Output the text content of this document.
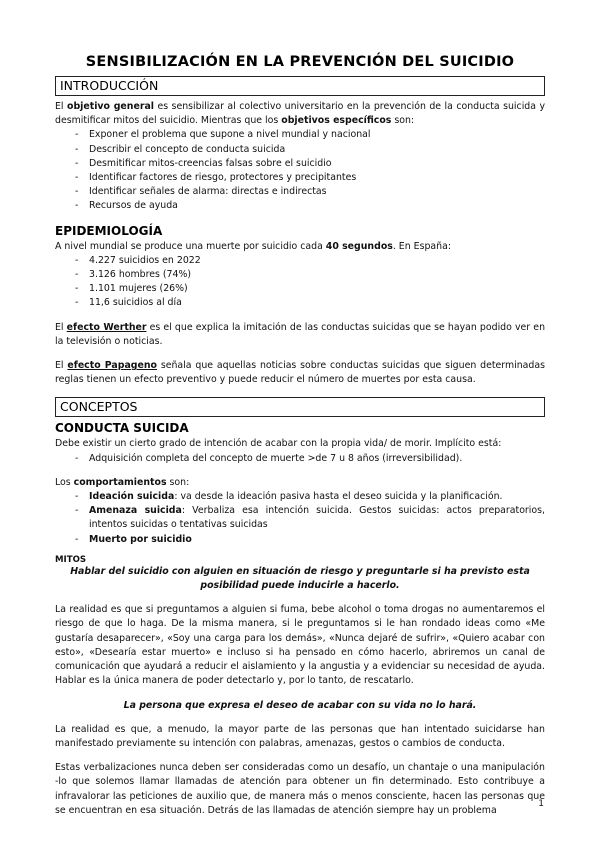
SENSIBILIZACIÓN EN LA PREVENCIÓN DEL SUICIDIO
INTRODUCCIÓN

El objetivo general es sensibilizar al colectivo universitario en la prevención de la conducta suicida y desmitificar mitos del suicidio. Mientras que los objetivos específicos son:

- Exponer el problema que supone a nivel mundial y nacional
- Describir el concepto de conducta suicida
- Desmitificar mitos-creencias falsas sobre el suicidio
- Identificar factores de riesgo, protectores y precipitantes
- Identificar señales de alarma: directas e indirectas
- Recursos de ayuda
EPIDEMIOLOGÍA

A nivel mundial se produce una muerte por suicidio cada 40 segundos. En España:

- 4.227 suicidios en 2022
- 3.126 hombres (74%)
- 1.101 mujeres (26%)
- 11,6 suicidios al día

El efecto Werther es el que explica la imitación de las conductas suicidas que se hayan podido ver en la televisión o noticias.

El efecto Papageno señala que aquellas noticias sobre conductas suicidas que siguen determinadas reglas tienen un efecto preventivo y puede reducir el número de muertes por esta causa.

CONCEPTOS
CONDUCTA SUICIDA

Debe existir un cierto grado de intención de acabar con la propia vida/ de morir. Implícito está:

- Adquisición completa del concepto de muerte >de 7 u 8 años (irreversibilidad).

Los comportamientos son:

- Ideación suicida: va desde la ideación pasiva hasta el deseo suicida y la planificación.
- Amenaza suicida: Verbaliza esa intención suicida. Gestos suicidas: actos preparatorios, intentos suicidas o tentativas suicidas
- Muerto por suicidio
MITOS

Hablar del suicidio con alguien en situación de riesgo y preguntarle si ha previsto esta posibilidad puede inducirle a hacerlo.

La realidad es que si preguntamos a alguien si fuma, bebe alcohol o toma drogas no aumentaremos el riesgo de que lo haga. De la misma manera, si le preguntamos si le han rondado ideas como «Me gustaría desaparecer», «Soy una carga para los demás», «Nunca dejaré de sufrir», «Quiero acabar con esto», «Desearía estar muerto» e incluso si ha pensado en cómo hacerlo, abriremos un canal de comunicación que ayudará a reducir el aislamiento y la angustia y a evidenciar su necesidad de ayuda. Hablar es la única manera de poder detectarlo y, por lo tanto, de rescatarlo.

La persona que expresa el deseo de acabar con su vida no lo hará.

La realidad es que, a menudo, la mayor parte de las personas que han intentado suicidarse han manifestado previamente su intención con palabras, amenazas, gestos o cambios de conducta.

Estas verbalizaciones nunca deben ser consideradas como un desafío, un chantaje o una manipulación -lo que solemos llamar llamadas de atención para obtener un fin determinado. Esto contribuye a infravalorar las peticiones de auxilio que, de manera más o menos consciente, hacen las personas que se encuentran en esa situación. Detrás de las llamadas de atención siempre hay un problema

1
